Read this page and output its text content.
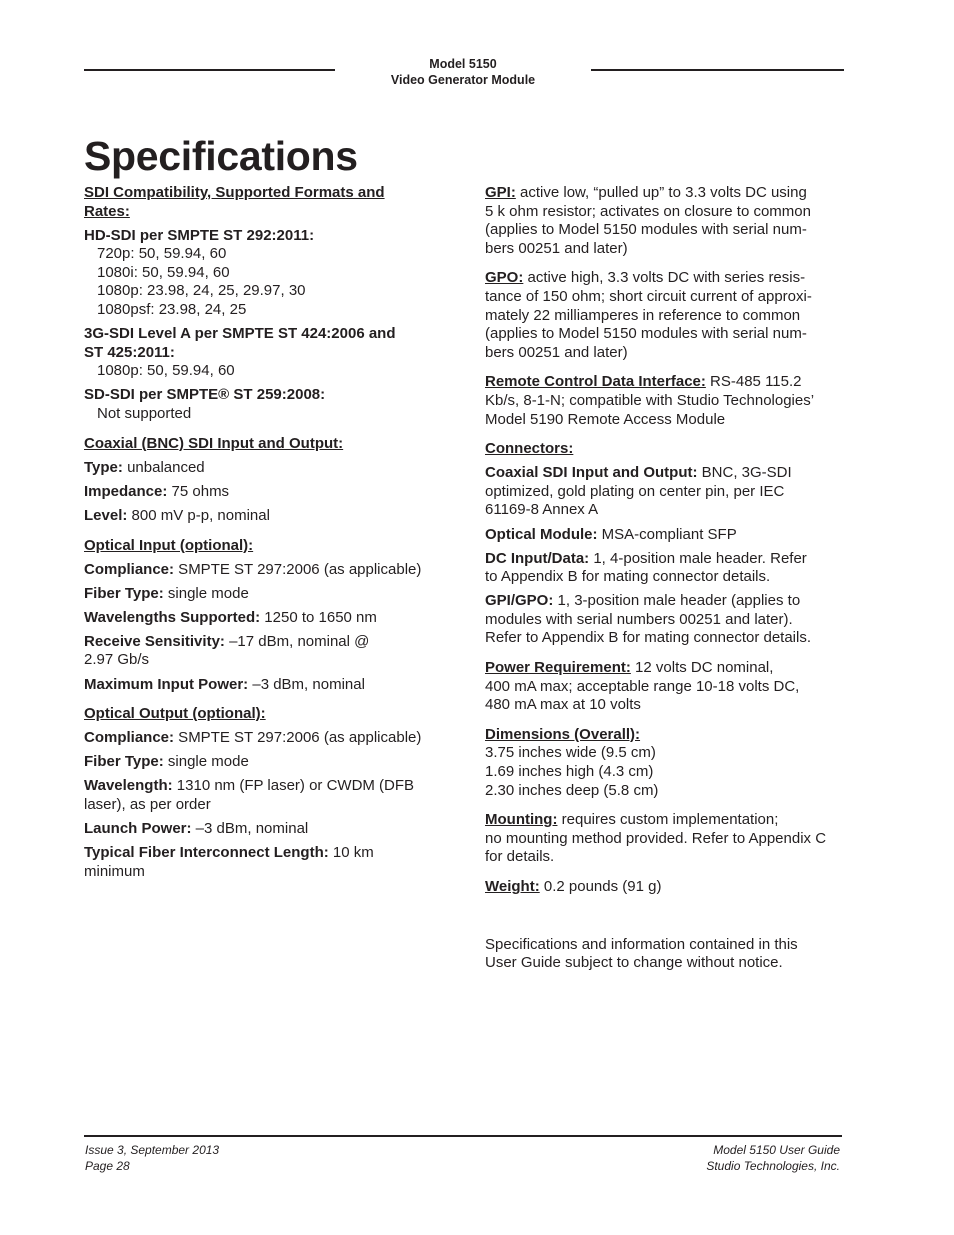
Model 5150
Video Generator Module
Specifications

SDI Compatibility, Supported Formats and
Rates:

HD-SDI per SMPTE ST 292:2011:

720p: 50, 59.94, 60

1080i: 50, 59.94, 60

1080p: 23.98, 24, 25, 29.97, 30

1080psf: 23.98, 24, 25

3G-SDI Level A per SMPTE ST 424:2006 and
ST 425:2011:

1080p: 50, 59.94, 60

SD-SDI per SMPTE® ST 259:2008:

Not supported

Coaxial (BNC) SDI Input and Output:

Type: unbalanced

Impedance: 75 ohms

Level: 800 mV p-p, nominal

Optical Input (optional):

Compliance: SMPTE ST 297:2006 (as applicable)

Fiber Type: single mode

Wavelengths Supported: 1250 to 1650 nm

Receive Sensitivity: –17 dBm, nominal @
2.97 Gb/s

Maximum Input Power: –3 dBm, nominal

Optical Output (optional):

Compliance: SMPTE ST 297:2006 (as applicable)

Fiber Type: single mode

Wavelength: 1310 nm (FP laser) or CWDM (DFB
laser), as per order

Launch Power: –3 dBm, nominal

Typical Fiber Interconnect Length: 10 km
minimum

GPI: active low, “pulled up” to 3.3 volts DC using
5 k ohm resistor; activates on closure to common
(applies to Model 5150 modules with serial num-
bers 00251 and later)

GPO: active high, 3.3 volts DC with series resis-
tance of 150 ohm; short circuit current of approxi-
mately 22 milliamperes in reference to common
(applies to Model 5150 modules with serial num-
bers 00251 and later)

Remote Control Data Interface: RS-485 115.2
Kb/s, 8-1-N; compatible with Studio Technologies’
Model 5190 Remote Access Module

Connectors:

Coaxial SDI Input and Output: BNC, 3G-SDI
optimized, gold plating on center pin, per IEC
61169-8 Annex A

Optical Module: MSA-compliant SFP

DC Input/Data: 1, 4-position male header. Refer
to Appendix B for mating connector details.

GPI/GPO: 1, 3-position male header (applies to
modules with serial numbers 00251 and later).
Refer to Appendix B for mating connector details.

Power Requirement: 12 volts DC nominal,
400 mA max; acceptable range 10-18 volts DC,
480 mA max at 10 volts

Dimensions (Overall):

3.75 inches wide (9.5 cm)

1.69 inches high (4.3 cm)

2.30 inches deep (5.8 cm)

Mounting: requires custom implementation;
no mounting method provided. Refer to Appendix C
for details.

Weight: 0.2 pounds (91 g)

Specifications and information contained in this
User Guide subject to change without notice.

Issue 3, September 2013
Page 28
Model 5150 User Guide
Studio Technologies, Inc.
